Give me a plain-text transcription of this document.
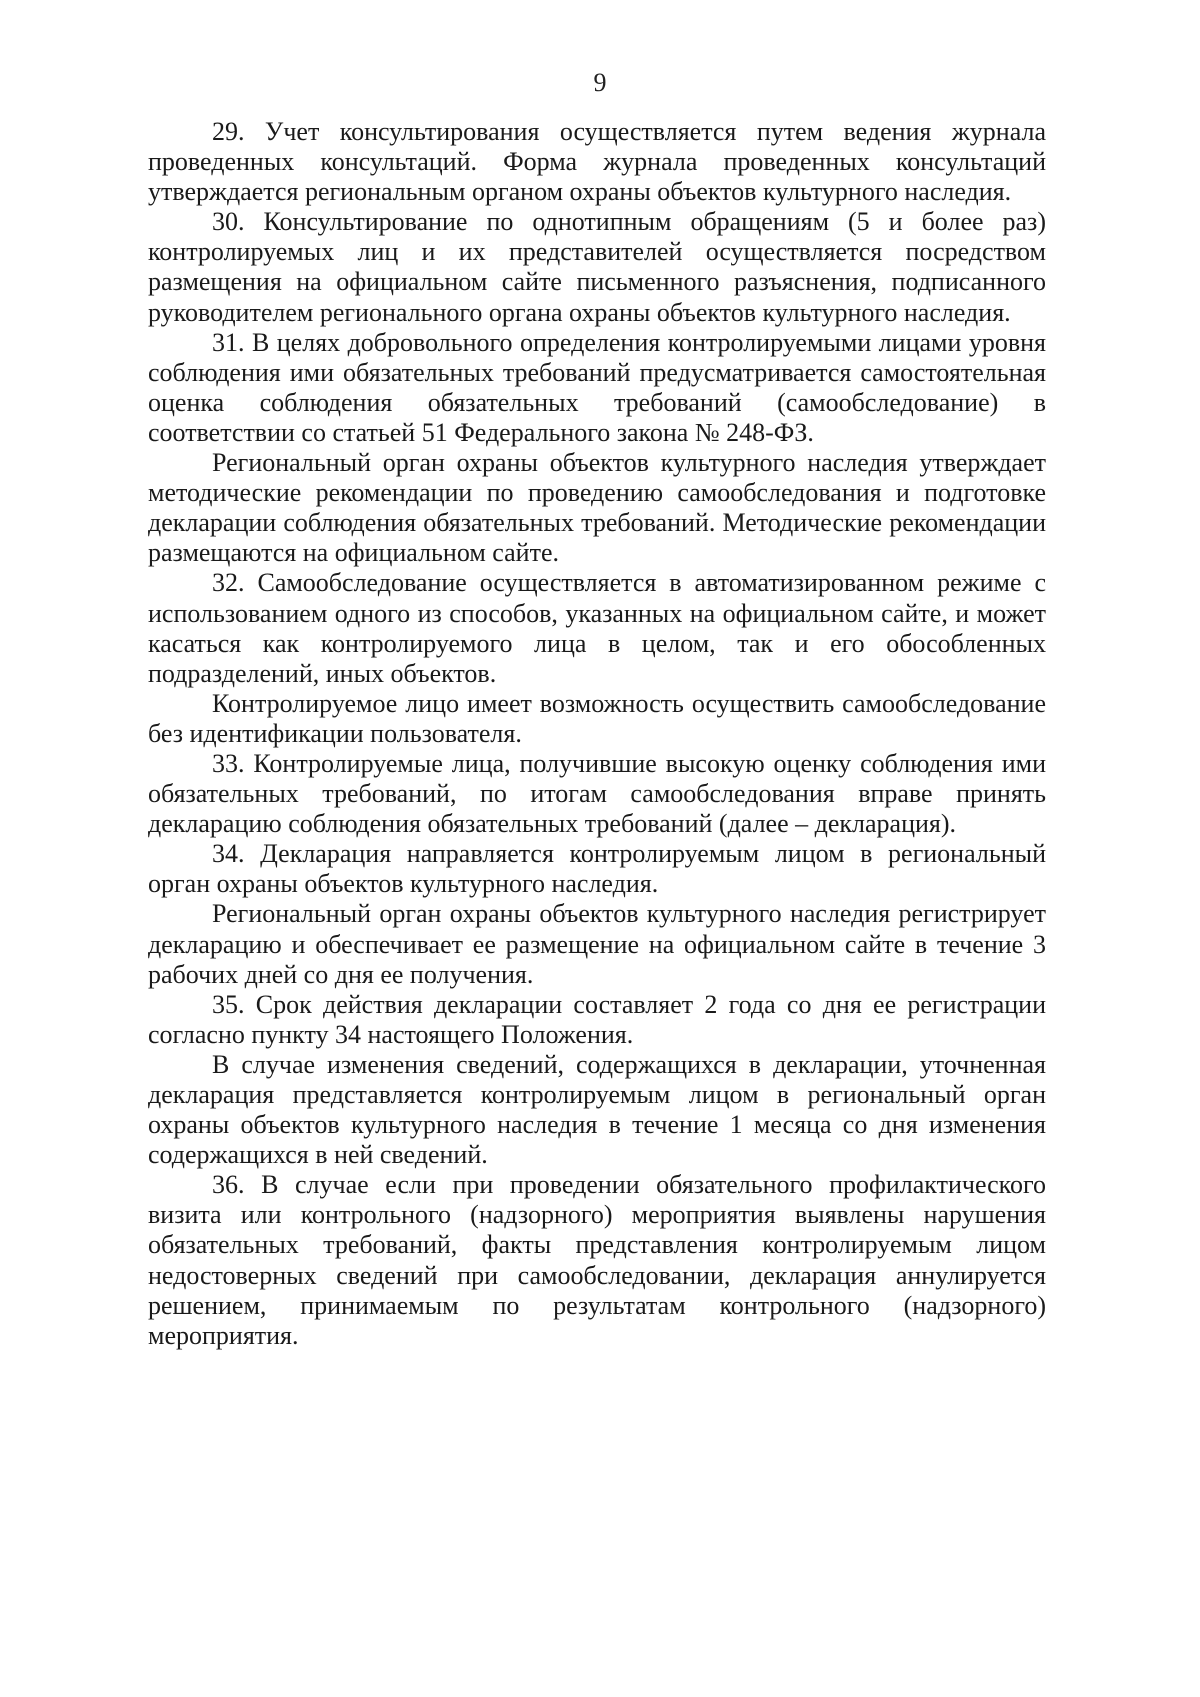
9

29. Учет консультирования осуществляется путем ведения журнала проведенных консультаций. Форма журнала проведенных консультаций утверждается региональным органом охраны объектов культурного наследия.

30. Консультирование по однотипным обращениям (5 и более раз) контролируемых лиц и их представителей осуществляется посредством размещения на официальном сайте письменного разъяснения, подписанного руководителем регионального органа охраны объектов культурного наследия.

31. В целях добровольного определения контролируемыми лицами уровня соблюдения ими обязательных требований предусматривается самостоятельная оценка соблюдения обязательных требований (самообследование) в соответствии со статьей 51 Федерального закона № 248-ФЗ.

Региональный орган охраны объектов культурного наследия утверждает методические рекомендации по проведению самообследования и подготовке декларации соблюдения обязательных требований. Методические рекомендации размещаются на официальном сайте.

32. Самообследование осуществляется в автоматизированном режиме с использованием одного из способов, указанных на официальном сайте, и может касаться как контролируемого лица в целом, так и его обособленных подразделений, иных объектов.

Контролируемое лицо имеет возможность осуществить самообследование без идентификации пользователя.

33. Контролируемые лица, получившие высокую оценку соблюдения ими обязательных требований, по итогам самообследования вправе принять декларацию соблюдения обязательных требований (далее – декларация).

34. Декларация направляется контролируемым лицом в региональный орган охраны объектов культурного наследия.

Региональный орган охраны объектов культурного наследия регистрирует декларацию и обеспечивает ее размещение на официальном сайте в течение 3 рабочих дней со дня ее получения.

35. Срок действия декларации составляет 2 года со дня ее регистрации согласно пункту 34 настоящего Положения.

В случае изменения сведений, содержащихся в декларации, уточненная декларация представляется контролируемым лицом в региональный орган охраны объектов культурного наследия в течение 1 месяца со дня изменения содержащихся в ней сведений.

36. В случае если при проведении обязательного профилактического визита или контрольного (надзорного) мероприятия выявлены нарушения обязательных требований, факты представления контролируемым лицом недостоверных сведений при самообследовании, декларация аннулируется решением, принимаемым по результатам контрольного (надзорного) мероприятия.
